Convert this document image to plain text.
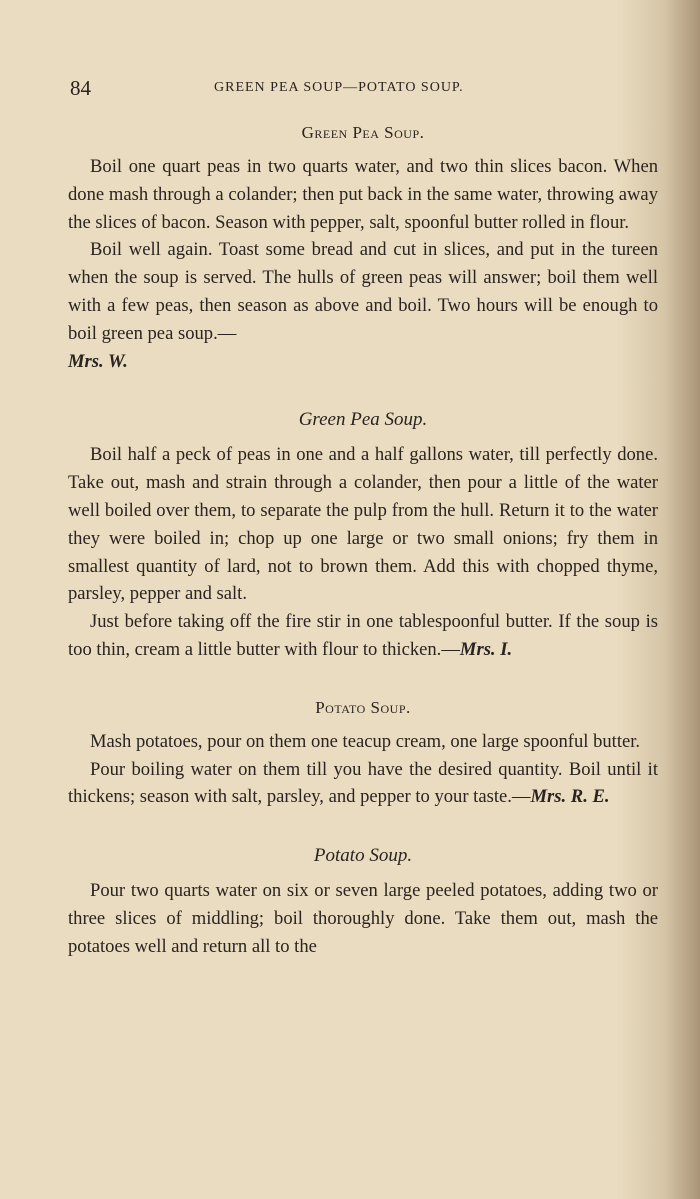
84	GREEN PEA SOUP—POTATO SOUP.
Green Pea Soup.

Boil one quart peas in two quarts water, and two thin slices bacon. When done mash through a colander; then put back in the same water, throwing away the slices of bacon. Season with pepper, salt, spoonful butter rolled in flour.

Boil well again. Toast some bread and cut in slices, and put in the tureen when the soup is served. The hulls of green peas will answer; boil them well with a few peas, then season as above and boil. Two hours will be enough to boil green pea soup.—
Mrs. W.

Green Pea Soup.

Boil half a peck of peas in one and a half gallons water, till perfectly done. Take out, mash and strain through a colander, then pour a little of the water well boiled over them, to separate the pulp from the hull. Return it to the water they were boiled in; chop up one large or two small onions; fry them in smallest quantity of lard, not to brown them. Add this with chopped thyme, parsley, pepper and salt.

Just before taking off the fire stir in one tablespoonful butter. If the soup is too thin, cream a little butter with flour to thicken.—Mrs. I.

Potato Soup.

Mash potatoes, pour on them one teacup cream, one large spoonful butter.

Pour boiling water on them till you have the desired quantity. Boil until it thickens; season with salt, parsley, and pepper to your taste.—Mrs. R. E.

Potato Soup.

Pour two quarts water on six or seven large peeled potatoes, adding two or three slices of middling; boil thoroughly done. Take them out, mash the potatoes well and return all to the
